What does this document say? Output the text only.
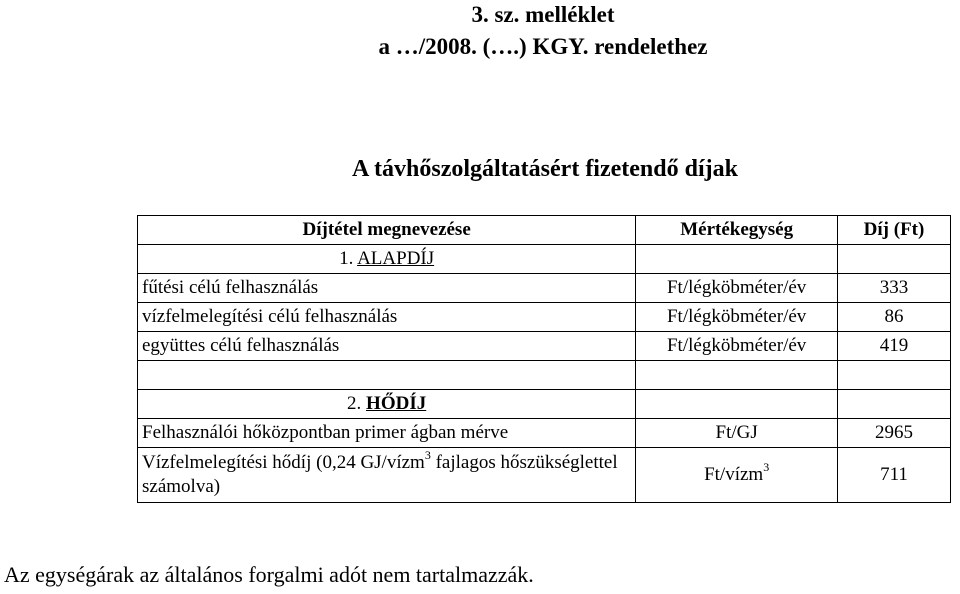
3. sz. melléklet
a …/2008. (….) KGY. rendelethez
A távhőszolgáltatásért fizetendő díjak
Díjtétel megnevezése	Mértékegység	Díj (Ft)
1. ALAPDÍJ		
fűtési célú felhasználás	Ft/légköbméter/év	333
vízfelmelegítési célú felhasználás	Ft/légköbméter/év	86
együttes célú felhasználás	Ft/légköbméter/év	419

2. HŐDÍJ		
Felhasználói hőközpontban primer ágban mérve	Ft/GJ	2965
Vízfelmelegítési hődíj (0,24 GJ/vízm$^3$ fajlagos hőszükséglettel számolva)	Ft/vízm$^3$	711
Az egységárak az általános forgalmi adót nem tartalmazzák.
